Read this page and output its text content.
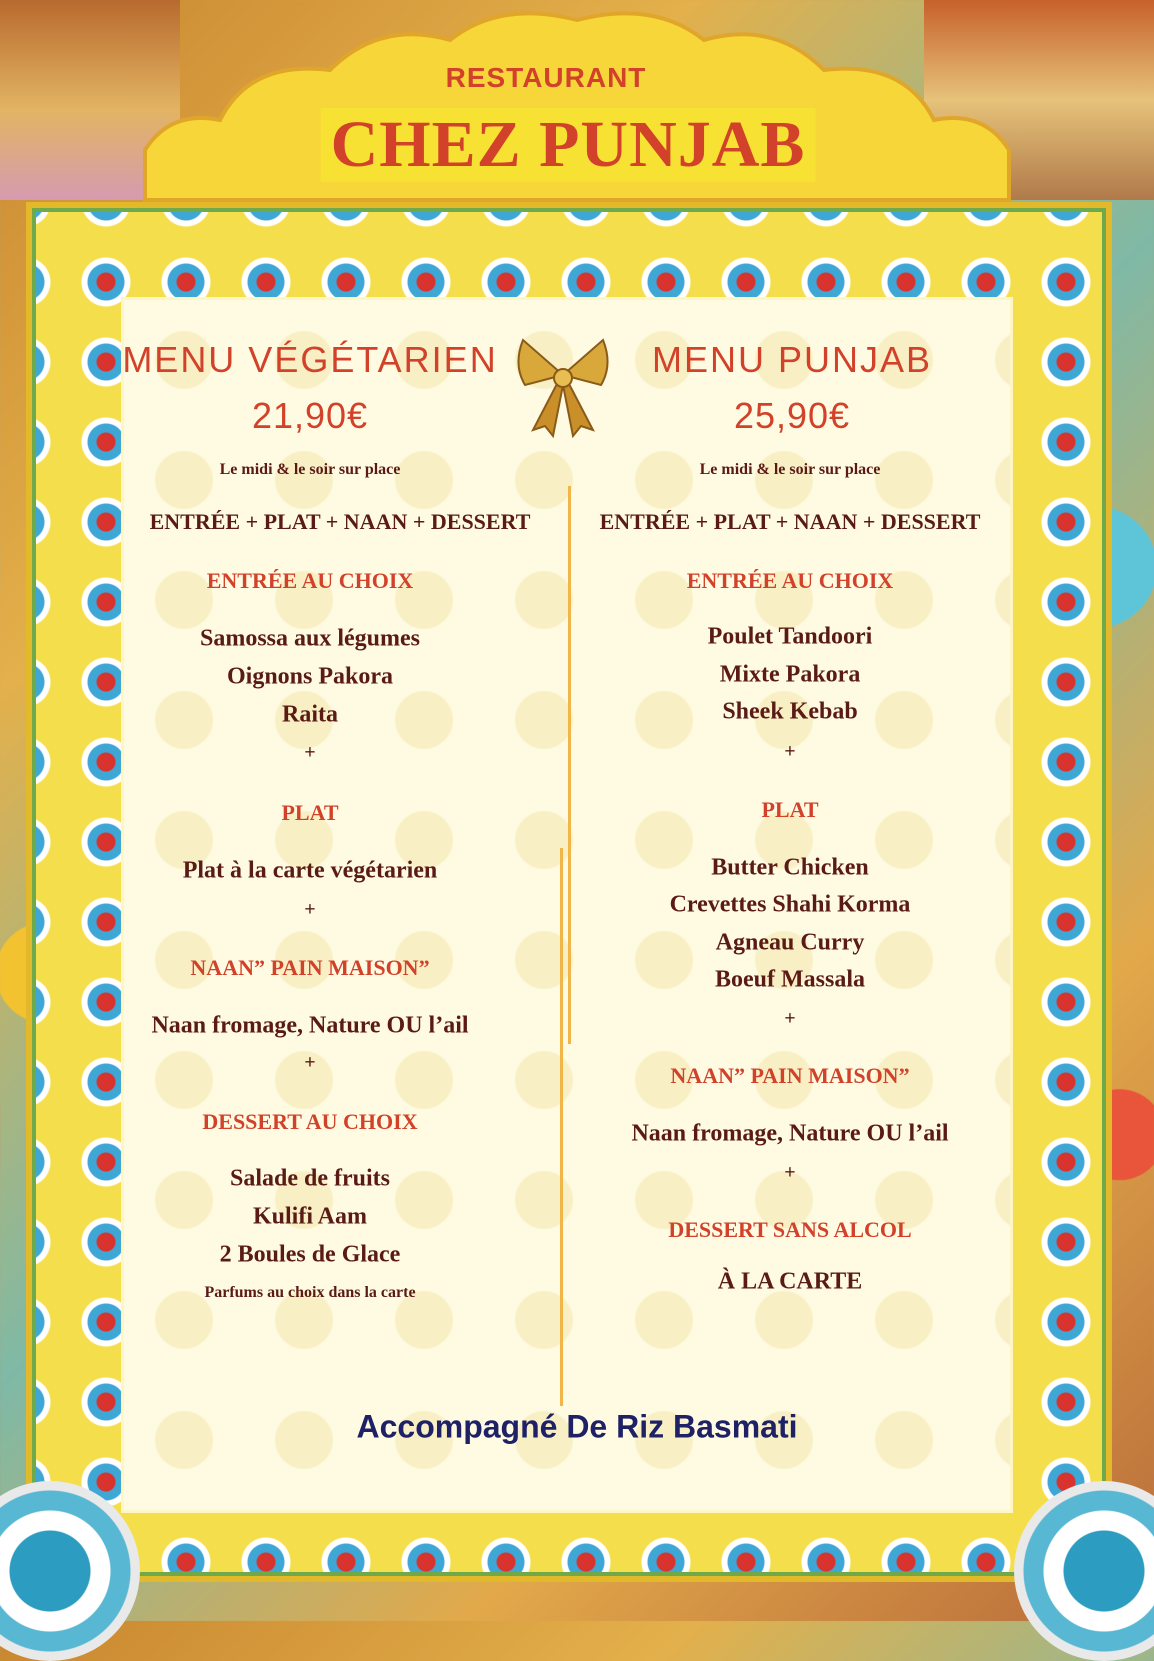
RESTAURANT
CHEZ PUNJAB
MENU VÉGÉTARIEN
21,90€
Le midi & le soir sur place
ENTRÉE + PLAT + NAAN + DESSERT
ENTRÉE AU CHOIX
Samossa aux légumes
Oignons Pakora
Raita
+
PLAT
Plat à la carte végétarien
+
NAAN” PAIN MAISON”
Naan fromage, Nature OU l’ail
+
DESSERT AU CHOIX
Salade de fruits
Kulifi Aam
2 Boules de Glace
Parfums au choix dans la carte
MENU PUNJAB
25,90€
Le midi & le soir sur place
ENTRÉE + PLAT + NAAN + DESSERT
ENTRÉE AU CHOIX
Poulet Tandoori
Mixte Pakora
Sheek Kebab
+
PLAT
Butter Chicken
Crevettes Shahi Korma
Agneau Curry
Boeuf Massala
+
NAAN” PAIN MAISON”
Naan fromage, Nature OU l’ail
+
DESSERT SANS ALCOL
À LA CARTE
Accompagné De Riz Basmati
